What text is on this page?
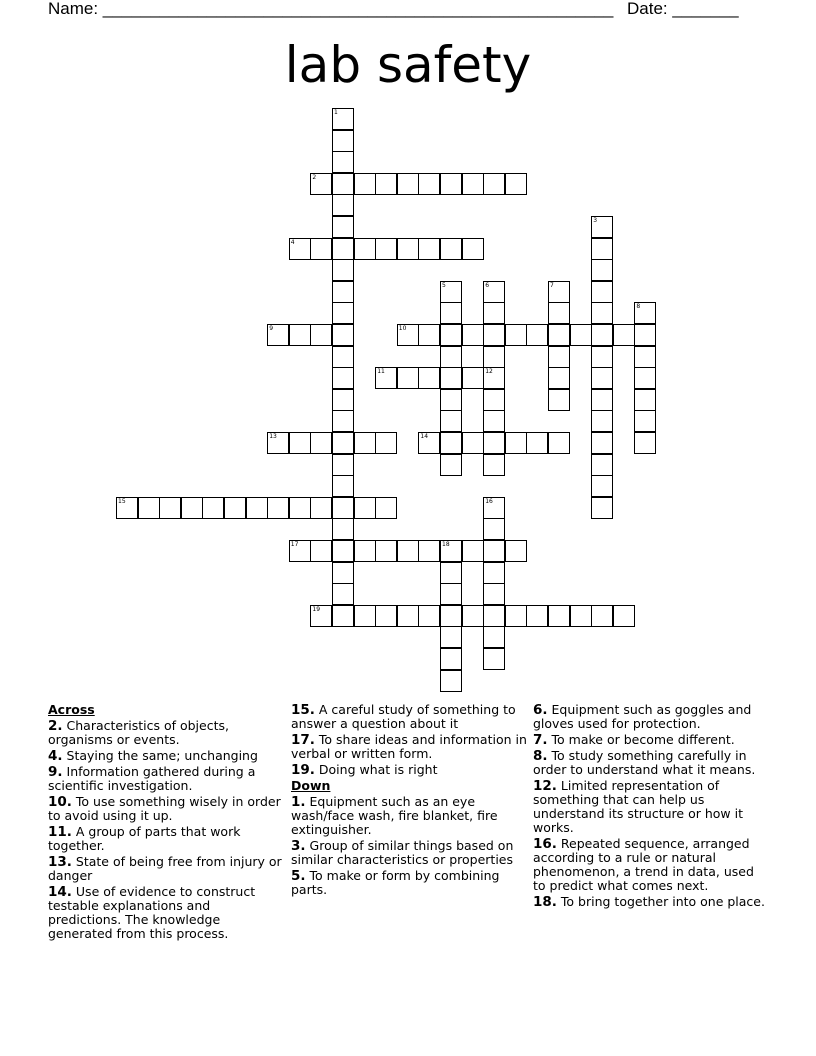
Name: ______________________________________________________

Date: _______

lab safety
1
2
3
4
5	6
12
7
8
9	10
11
13	14
15	16
17	18
19
Across
2. Characteristics of objects, organisms or events.
4. Staying the same; unchanging
9. Information gathered during a scientific investigation.
10. To use something wisely in order to avoid using it up.
11. A group of parts that work together.
13. State of being free from injury or danger
14. Use of evidence to construct testable explanations and predictions. The knowledge generated from this process.
15. A careful study of something to answer a question about it
17. To share ideas and information in verbal or written form.
19. Doing what is right
Down
1. Equipment such as an eye wash/face wash, fire blanket, fire extinguisher.
3. Group of similar things based on similar characteristics or properties
5. To make or form by combining parts.
6. Equipment such as goggles and gloves used for protection.
7. To make or become different.
8. To study something carefully in order to understand what it means.
12. Limited representation of something that can help us understand its structure or how it works.
16. Repeated sequence, arranged according to a rule or natural phenomenon, a trend in data, used to predict what comes next.
18. To bring together into one place.
